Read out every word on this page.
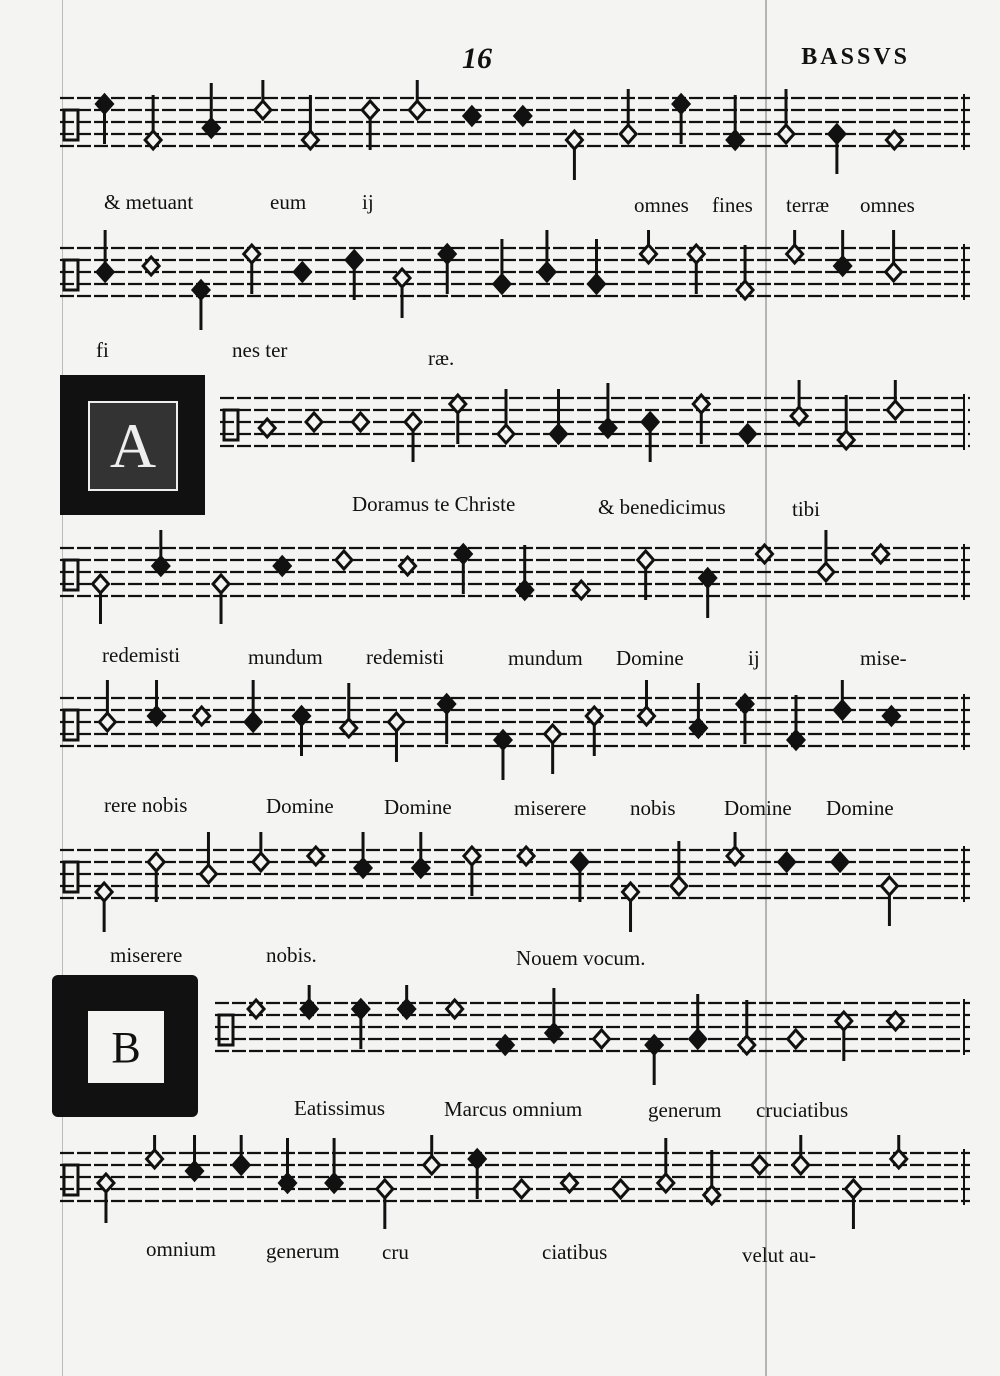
16	BASSVS
& metuant	eum	ij	omnes fines terræ omnes
fi	nes ter	ræ.
A
Doramus te Christe	& benedicimus	tibi
redemisti	mundum redemisti	mundum Domine	ij	mise-
rere nobis	Domine Domine	miserere nobis Domine Domine
miserere	nobis.	Nouem vocum.
B
Eatissimus	Marcus omnium	generum cruciatibus
omnium generum cru	ciatibus	velut au-
